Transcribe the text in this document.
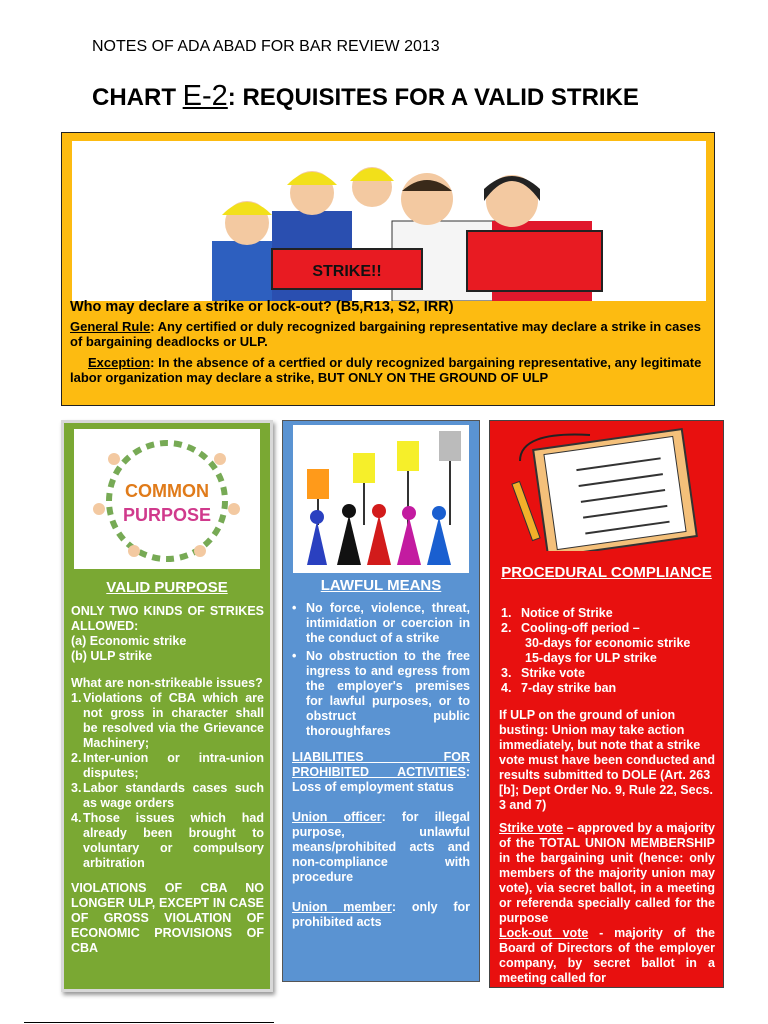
NOTES OF ADA ABAD FOR BAR REVIEW 2013
CHART E-2: REQUISITES FOR A VALID STRIKE
STRIKE!!
Who may declare a strike or lock-out? (B5,R13, S2, IRR)
General Rule: Any certified or duly recognized bargaining representative may declare a strike in cases of bargaining deadlocks or ULP.
Exception: In the absence of a certfied or duly recognized bargaining representative, any legitimate labor organization may declare a strike, BUT ONLY ON THE GROUND OF ULP
COMMON
PURPOSE
VALID PURPOSE
ONLY TWO KINDS OF STRIKES ALLOWED:
(a) Economic strike
(b) ULP strike
What are non-strikeable issues?
1. Violations of CBA which are not gross in character shall be resolved via the Grievance Machinery;
2. Inter-union or intra-union disputes;
3. Labor standards cases such as wage orders
4. Those issues which had already been brought to voluntary or compulsory arbitration
VIOLATIONS OF CBA NO LONGER ULP, EXCEPT IN CASE OF GROSS VIOLATION OF ECONOMIC PROVISIONS OF CBA
LAWFUL MEANS
• No force, violence, threat, intimidation or coercion in the conduct of a strike
• No obstruction to the free ingress to and egress from the employer's premises for lawful purposes, or to obstruct public thoroughfares
LIABILITIES FOR PROHIBITED ACTIVITIES: Loss of employment status
Union officer: for illegal purpose, unlawful means/prohibited acts and non-compliance with procedure
Union member: only for prohibited acts
PROCEDURAL COMPLIANCE
1. Notice of Strike
2. Cooling-off period –
30-days for economic strike
15-days for ULP strike
3. Strike vote
4. 7-day strike ban
If ULP on the ground of union busting: Union may take action immediately, but note that a strike vote must have been conducted and results submitted to DOLE (Art. 263 [b]; Dept Order No. 9, Rule 22, Secs. 3 and 7)
Strike vote – approved by a majority of the TOTAL UNION MEMBERSHIP in the bargaining unit (hence: only members of the majority union may vote), via secret ballot, in a meeting or referenda specially called for the purpose
Lock-out vote - majority of the Board of Directors of the employer company, by secret ballot in a meeting called for
